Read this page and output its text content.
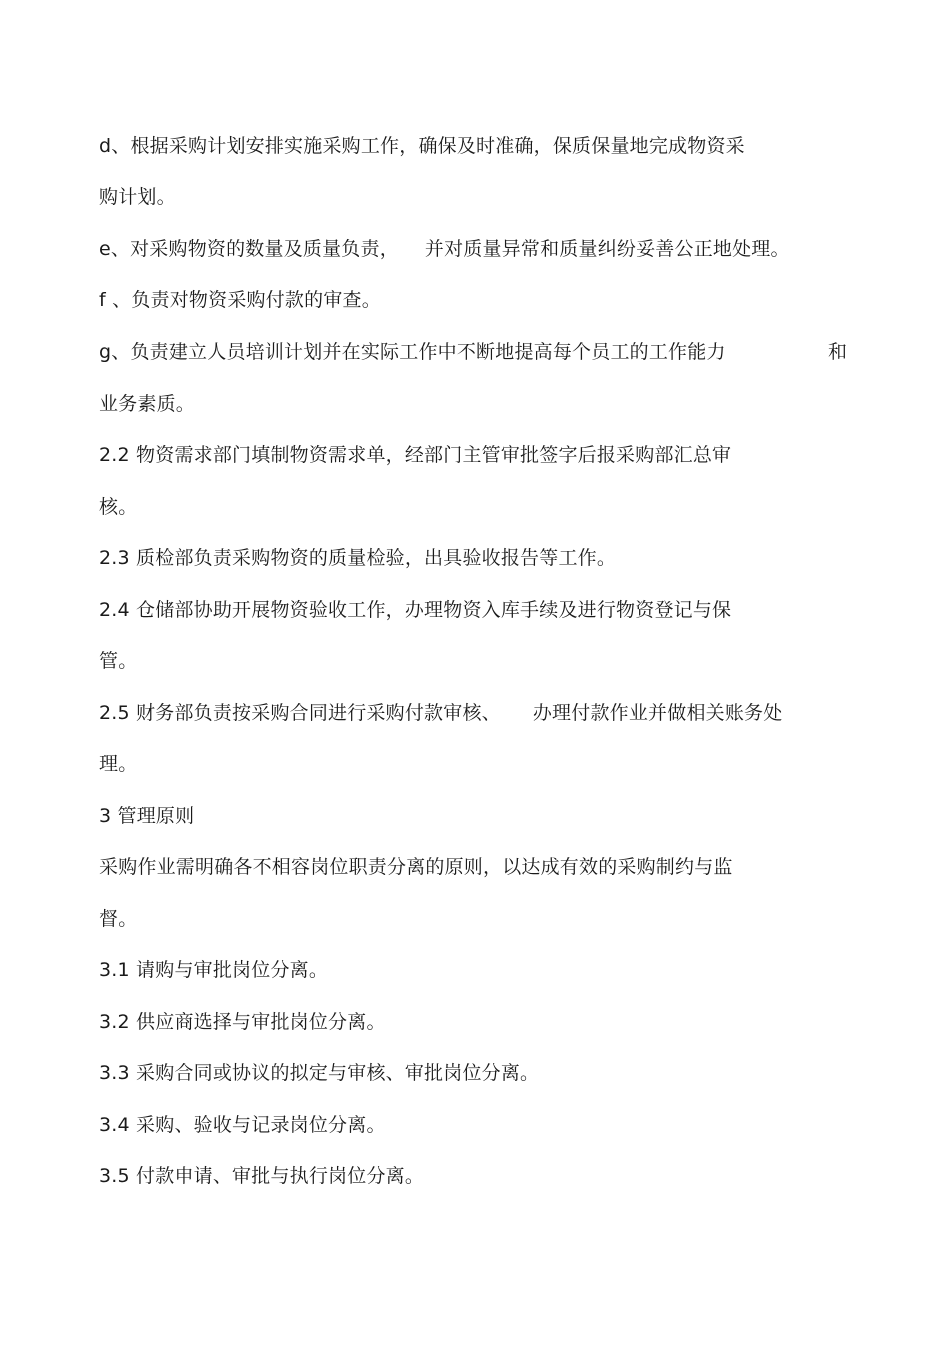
d、根据采购计划安排实施采购工作，确保及时准确，保质保量地完成物资采
购计划。
e、对采购物资的数量及质量负责， 并对质量异常和质量纠纷妥善公正地处理。
f 、负责对物资采购付款的审查。
g、负责建立人员培训计划并在实际工作中不断地提高每个员工的工作能力	和
业务素质。
2.2 物资需求部门填制物资需求单，经部门主管审批签字后报采购部汇总审
核。
2.3 质检部负责采购物资的质量检验，出具验收报告等工作。
2.4 仓储部协助开展物资验收工作，办理物资入库手续及进行物资登记与保
管。
2.5 财务部负责按采购合同进行采购付款审核、 办理付款作业并做相关账务处
理。
3 管理原则
采购作业需明确各不相容岗位职责分离的原则，以达成有效的采购制约与监
督。
3.1 请购与审批岗位分离。
3.2 供应商选择与审批岗位分离。
3.3 采购合同或协议的拟定与审核、审批岗位分离。
3.4 采购、验收与记录岗位分离。
3.5 付款申请、审批与执行岗位分离。
